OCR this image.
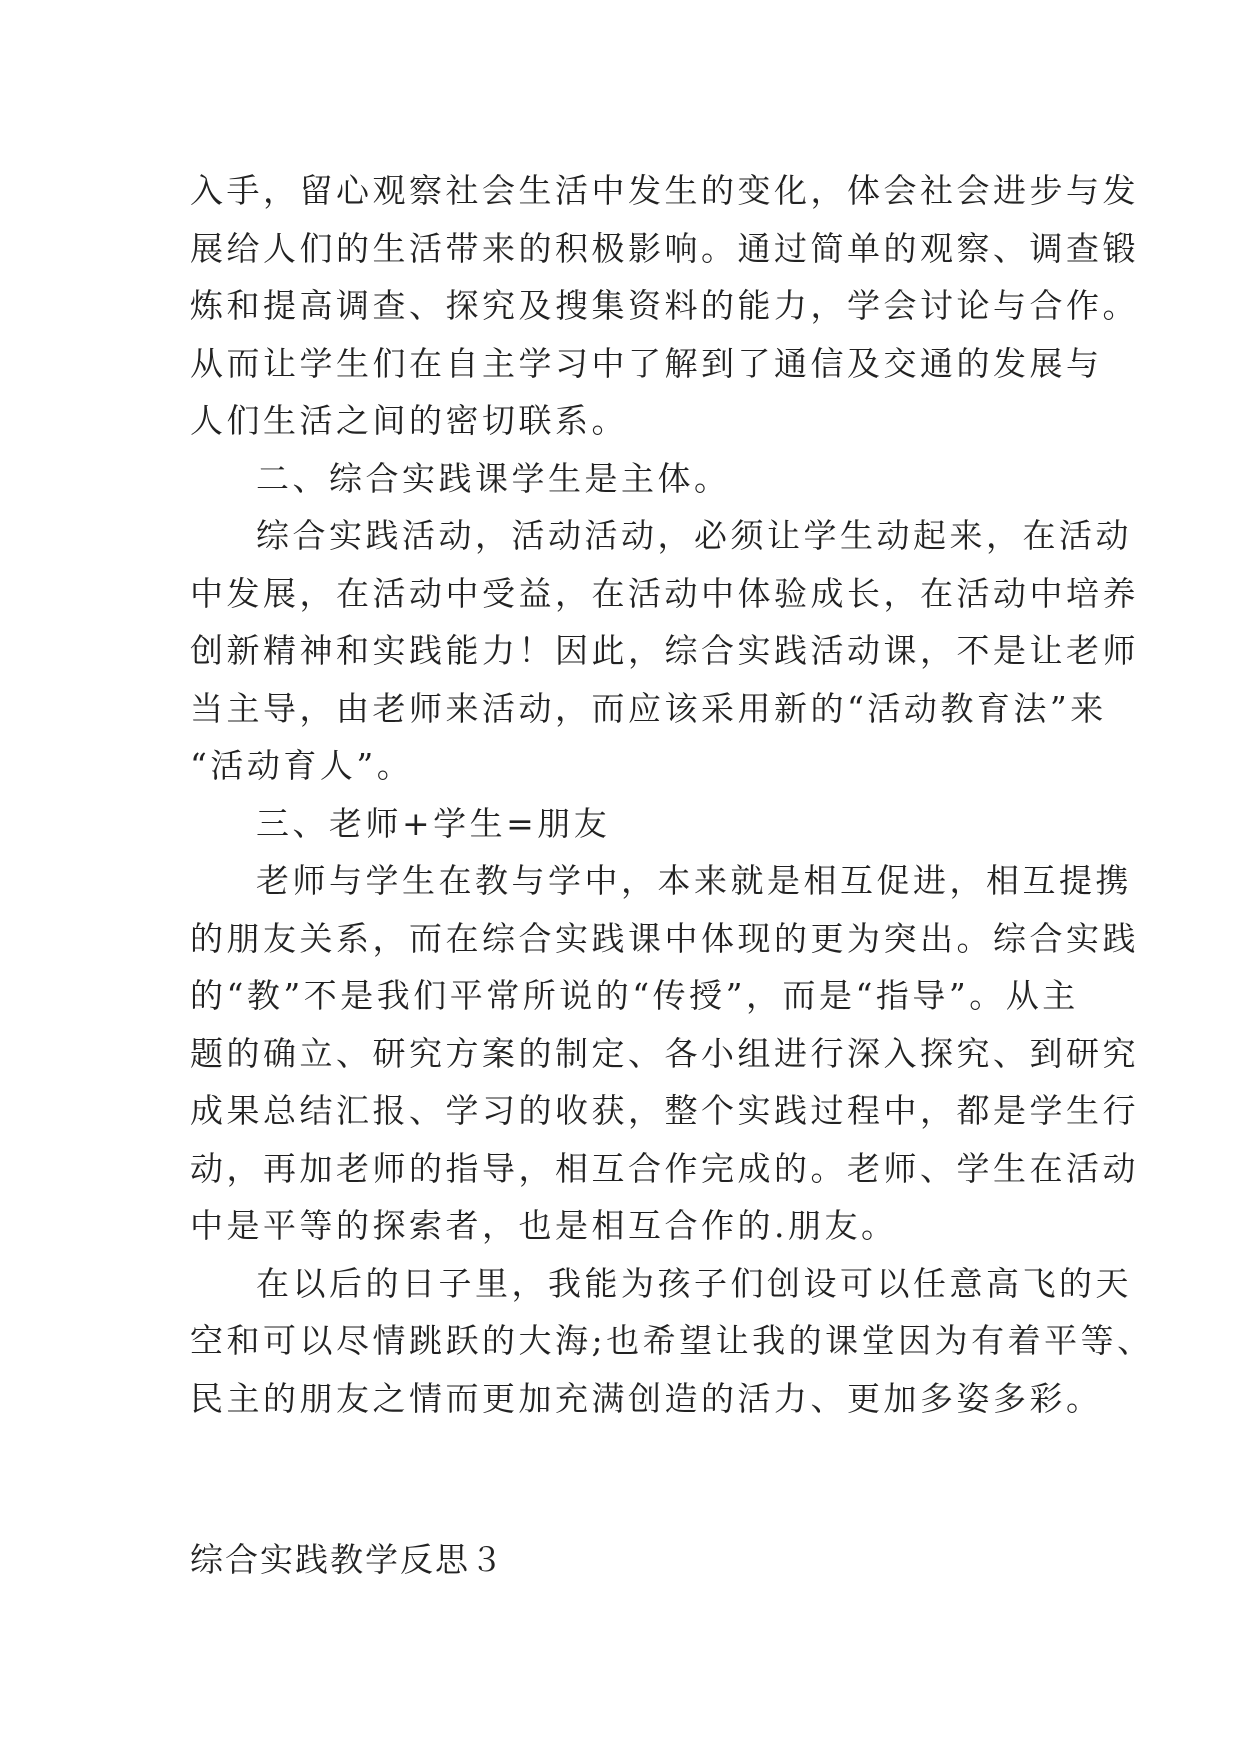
入手，留心观察社会生活中发生的变化，体会社会进步与发
展给人们的生活带来的积极影响。通过简单的观察、调查锻
炼和提高调查、探究及搜集资料的能力，学会讨论与合作。
从而让学生们在自主学习中了解到了通信及交通的发展与
人们生活之间的密切联系。
二、综合实践课学生是主体。
综合实践活动，活动活动，必须让学生动起来，在活动
中发展，在活动中受益，在活动中体验成长，在活动中培养
创新精神和实践能力！因此，综合实践活动课，不是让老师
当主导，由老师来活动，而应该采用新的“活动教育法”来
“活动育人”。
三、老师+学生=朋友
老师与学生在教与学中，本来就是相互促进，相互提携
的朋友关系，而在综合实践课中体现的更为突出。综合实践
的“教”不是我们平常所说的“传授”，而是“指导”。从主
题的确立、研究方案的制定、各小组进行深入探究、到研究
成果总结汇报、学习的收获，整个实践过程中，都是学生行
动，再加老师的指导，相互合作完成的。老师、学生在活动
中是平等的探索者，也是相互合作的.朋友。
在以后的日子里，我能为孩子们创设可以任意高飞的天
空和可以尽情跳跃的大海;也希望让我的课堂因为有着平等、
民主的朋友之情而更加充满创造的活力、更加多姿多彩。
综合实践教学反思３
